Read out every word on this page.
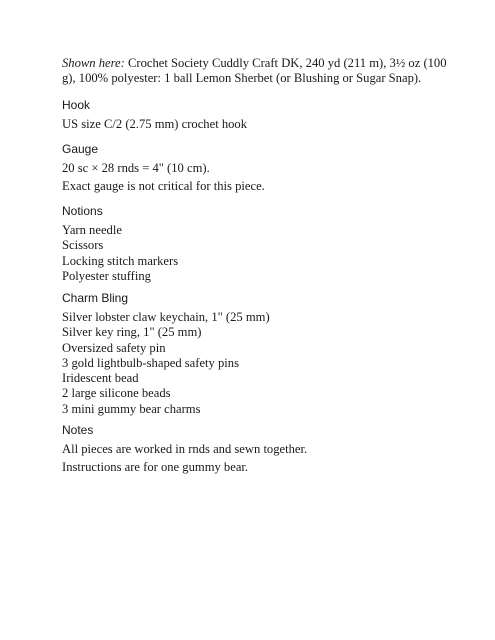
Shown here: Crochet Society Cuddly Craft DK, 240 yd (211 m), 3½ oz (100
g), 100% polyester: 1 ball Lemon Sherbet (or Blushing or Sugar Snap).
Hook
US size C/2 (2.75 mm) crochet hook
Gauge
20 sc × 28 rnds = 4" (10 cm).
Exact gauge is not critical for this piece.
Notions
Yarn needle
Scissors
Locking stitch markers
Polyester stuffing
Charm Bling
Silver lobster claw keychain, 1" (25 mm)
Silver key ring, 1" (25 mm)
Oversized safety pin
3 gold lightbulb-shaped safety pins
Iridescent bead
2 large silicone beads
3 mini gummy bear charms
Notes
All pieces are worked in rnds and sewn together.
Instructions are for one gummy bear.
